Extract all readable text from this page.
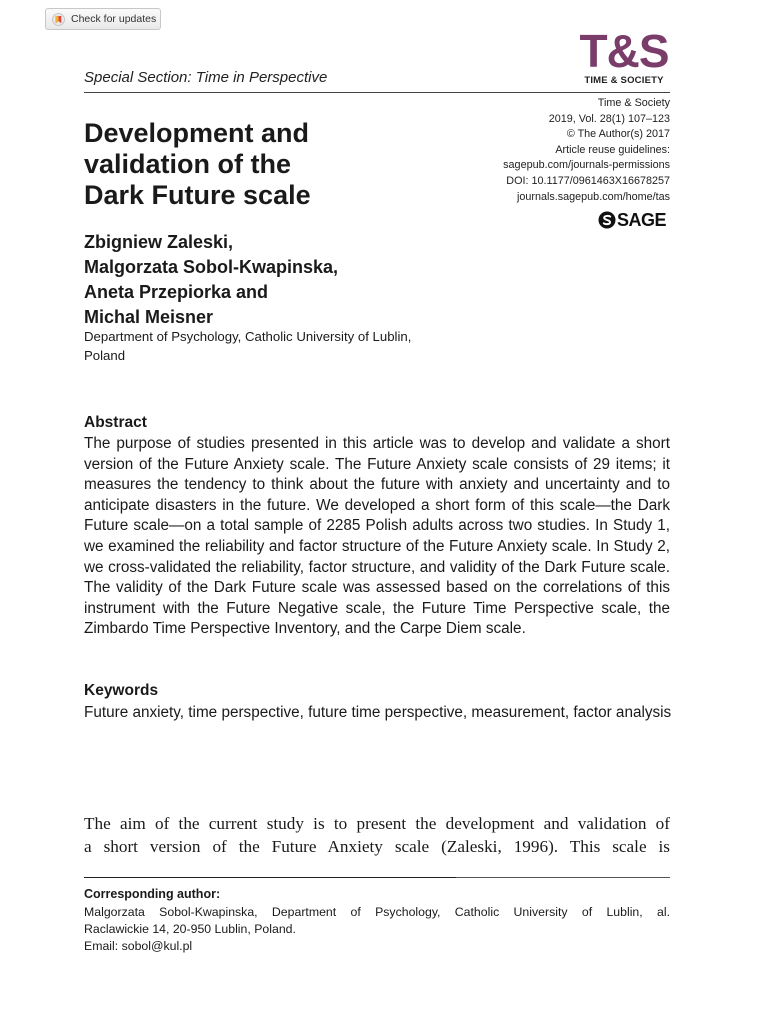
Check for updates
Special Section: Time in Perspective
T&S
TIME & SOCIETY
Time & Society
2019, Vol. 28(1) 107–123
© The Author(s) 2017
Article reuse guidelines:
sagepub.com/journals-permissions
DOI: 10.1177/0961463X16678257
journals.sagepub.com/home/tas
SAGE
Development and
validation of the
Dark Future scale
Zbigniew Zaleski,
Malgorzata Sobol-Kwapinska,
Aneta Przepiorka and
Michal Meisner
Department of Psychology, Catholic University of Lublin,
Poland
Abstract
The purpose of studies presented in this article was to develop and validate a short version of the Future Anxiety scale. The Future Anxiety scale consists of 29 items; it measures the tendency to think about the future with anxiety and uncertainty and to anticipate disasters in the future. We developed a short form of this scale—the Dark Future scale—on a total sample of 2285 Polish adults across two studies. In Study 1, we examined the reliability and factor structure of the Future Anxiety scale. In Study 2, we cross-validated the reliability, factor structure, and validity of the Dark Future scale. The validity of the Dark Future scale was assessed based on the correlations of this instrument with the Future Negative scale, the Future Time Perspective scale, the Zimbardo Time Perspective Inventory, and the Carpe Diem scale.
Keywords
Future anxiety, time perspective, future time perspective, measurement, factor analysis
The aim of the current study is to present the development and validation of
a short version of the Future Anxiety scale (Zaleski, 1996). This scale is
Corresponding author:
Malgorzata Sobol-Kwapinska, Department of Psychology, Catholic University of Lublin, al.
Raclawickie 14, 20-950 Lublin, Poland.
Email: sobol@kul.pl
